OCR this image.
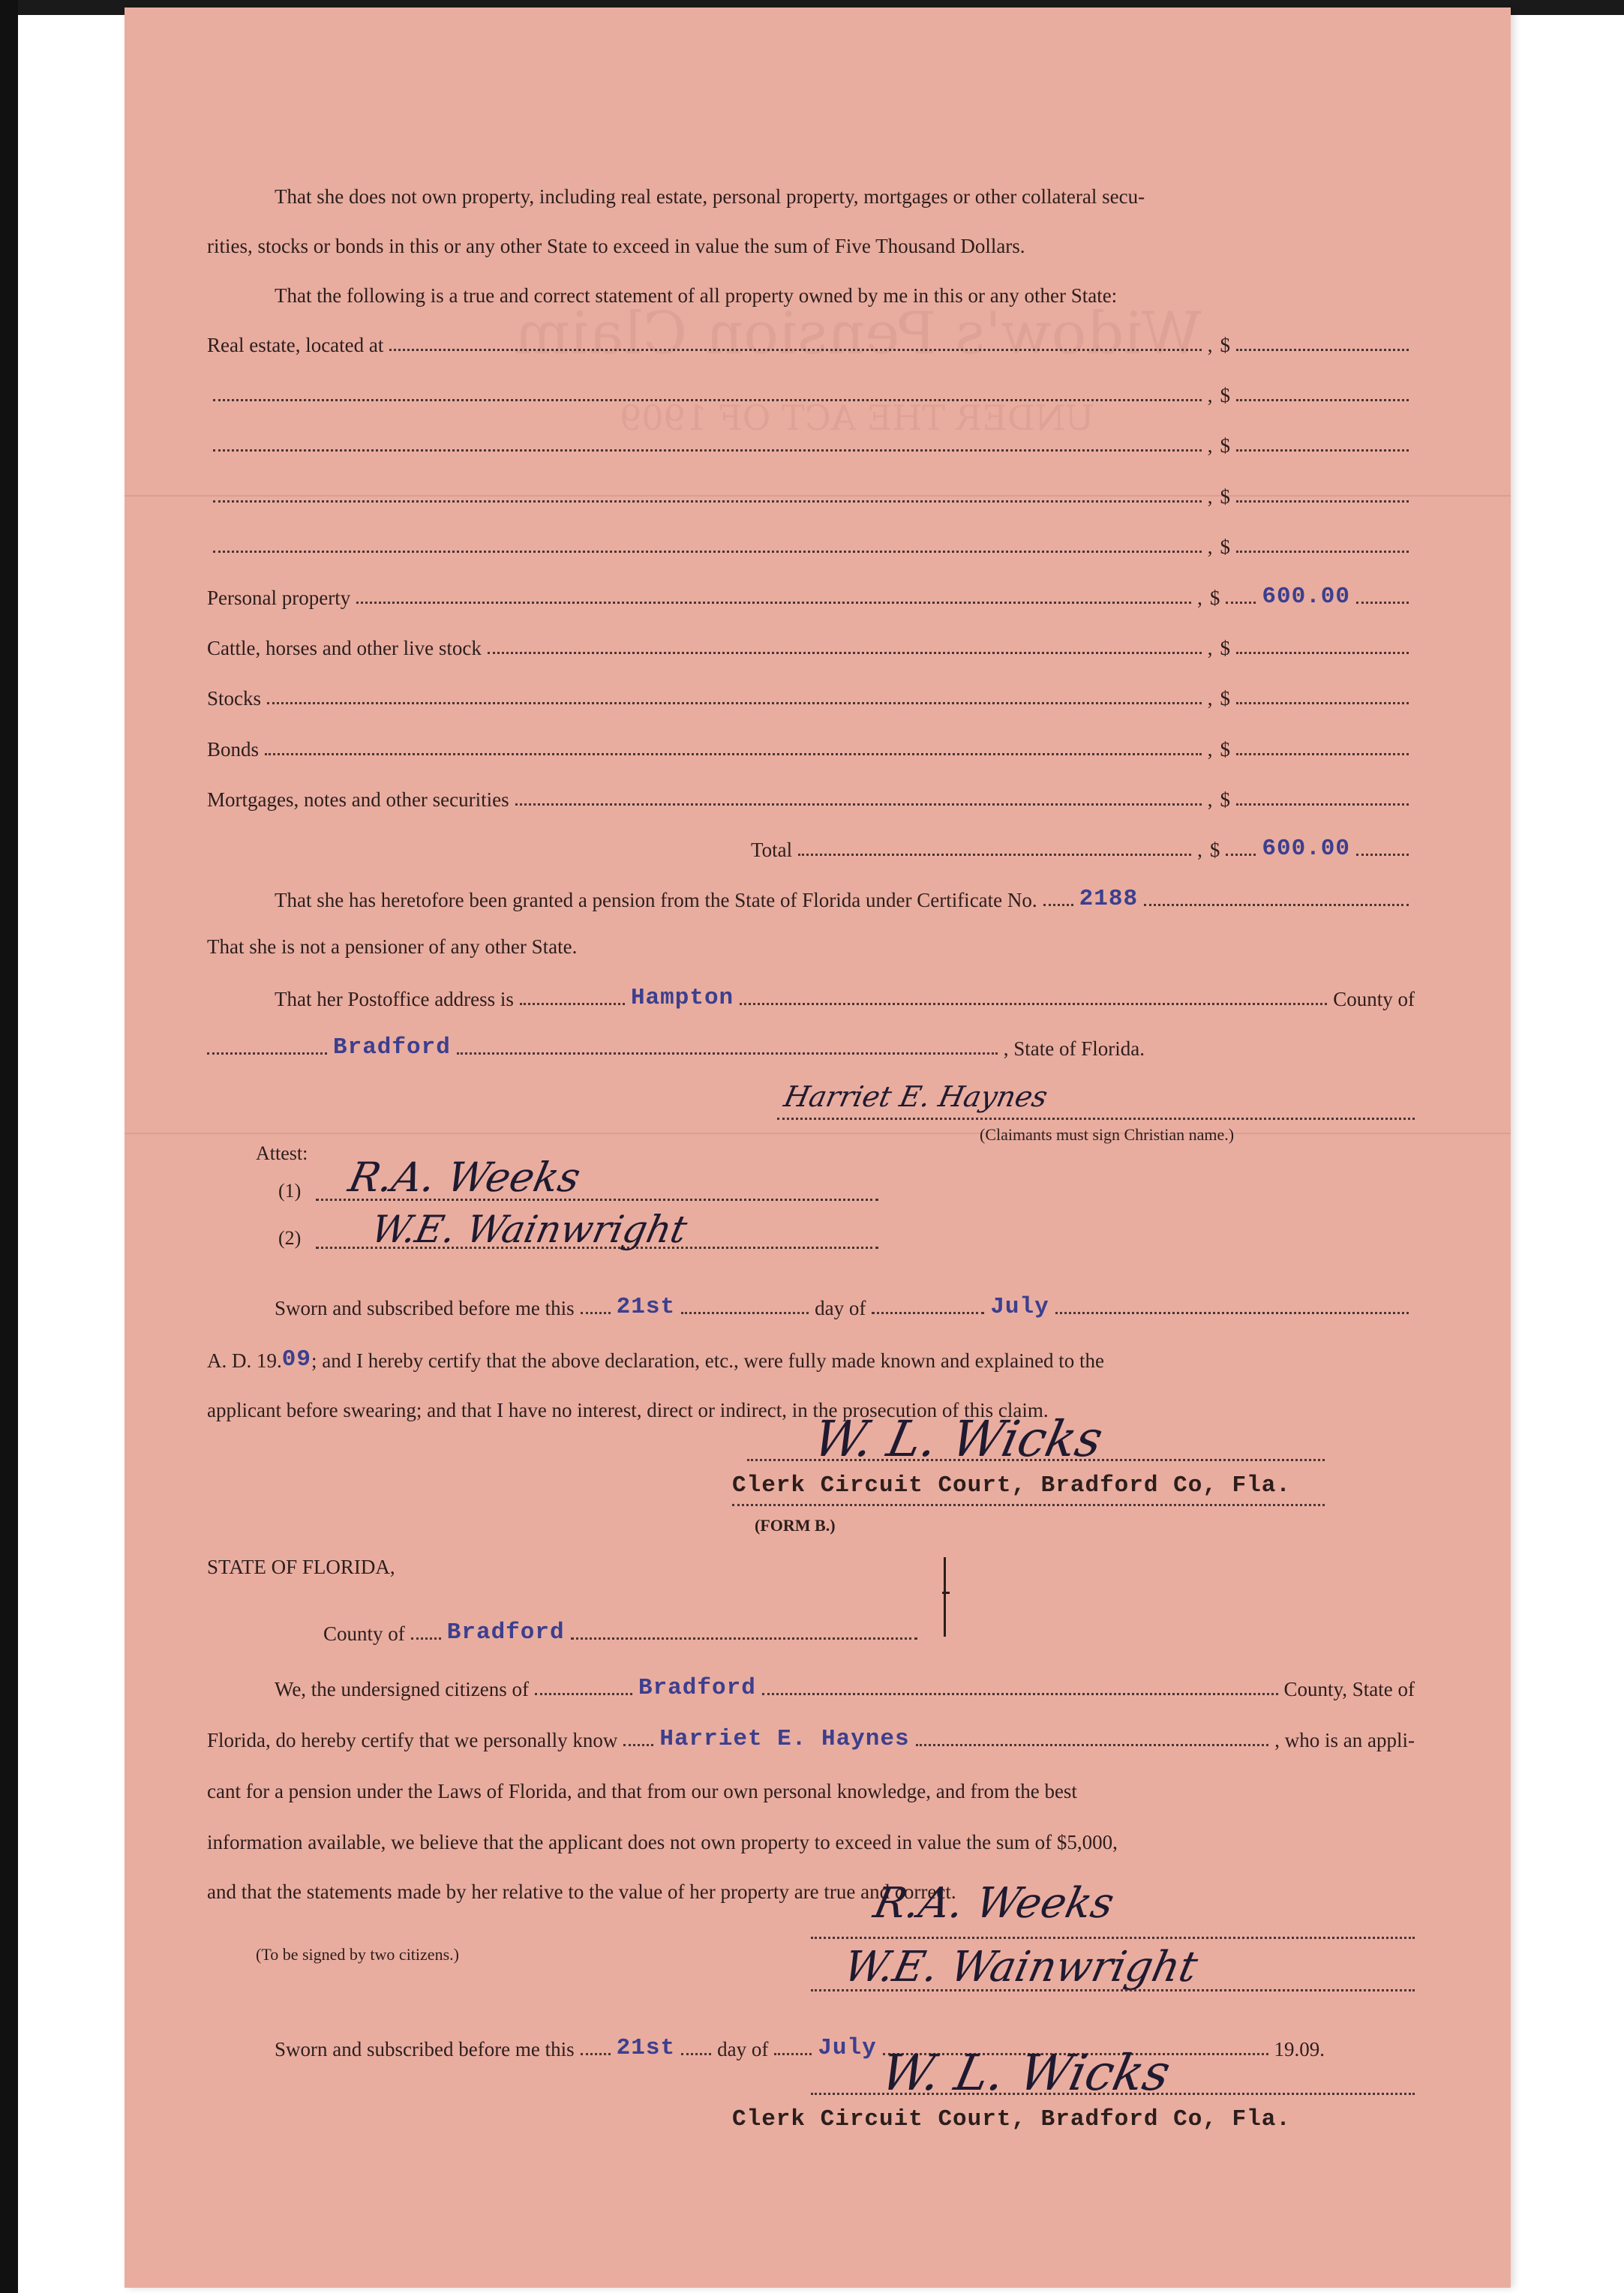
Widow's Pension Claim
UNDER THE ACT OF 1909
That she does not own property, including real estate, personal property, mortgages or other collateral secu-
rities, stocks or bonds in this or any other State to exceed in value the sum of Five Thousand Dollars.
That the following is a true and correct statement of all property owned by me in this or any other State:
Real estate, located at	, $
, $
, $
, $
, $
Personal property	, $ 600.00
Cattle, horses and other live stock	, $
Stocks	, $
Bonds	, $
Mortgages, notes and other securities	, $
Total	, $ 600.00
That she has heretofore been granted a pension from the State of Florida under Certificate No. 2188
That she is not a pensioner of any other State.
That her Postoffice address is	Hampton	County of
Bradford	, State of Florida.
Harriet E. Haynes
(Claimants must sign Christian name.)
Attest:
(1) R.A. Weeks
(2) W.E. Wainwright
Sworn and subscribed before me this 21st	day of	July
A. D. 19. 09 ; and I hereby certify that the above declaration, etc., were fully made known and explained to the
applicant before swearing; and that I have no interest, direct or indirect, in the prosecution of this claim.
W. L. Wicks
Clerk Circuit Court, Bradford Co, Fla.
(FORM B.)
STATE OF FLORIDA,
County of Bradford
We, the undersigned citizens of	Bradford	County, State of
Florida, do hereby certify that we personally know Harriet E. Haynes	, who is an appli-
cant for a pension under the Laws of Florida, and that from our own personal knowledge, and from the best
information available, we believe that the applicant does not own property to exceed in value the sum of $5,000,
and that the statements made by her relative to the value of her property are true and correct.
R.A. Weeks
(To be signed by two citizens.)	W.E. Wainwright
Sworn and subscribed before me this 21st day of July	19.09.
W. L. Wicks
Clerk Circuit Court, Bradford Co, Fla.
